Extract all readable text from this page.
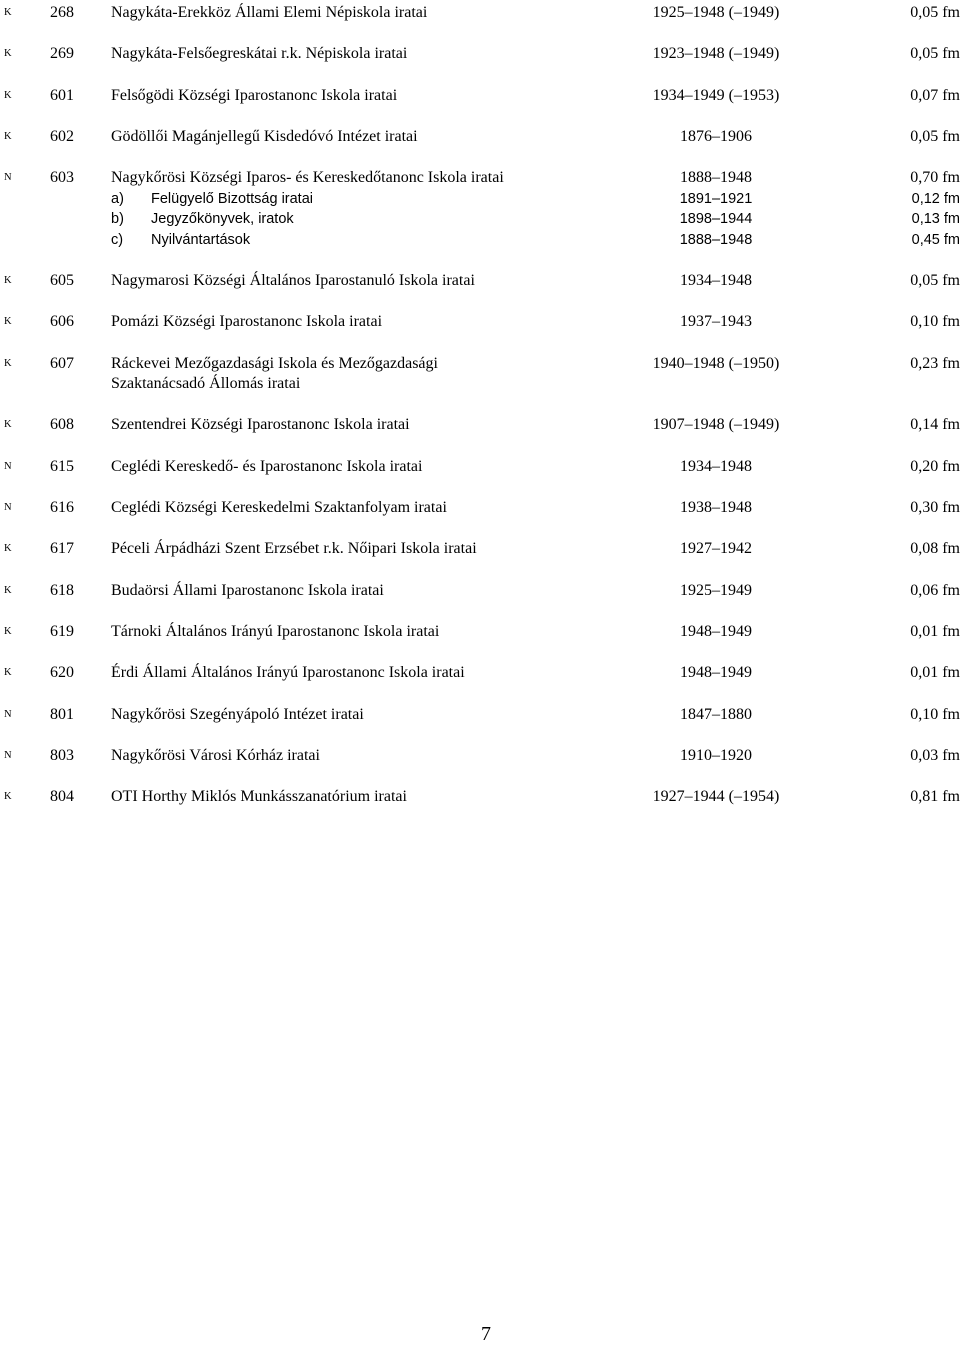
K 268 Nagykáta-Erekköz Állami Elemi Népiskola iratai	1925–1948 (–1949)	0,05 fm
K 269 Nagykáta-Felsőegreskátai r.k. Népiskola iratai	1923–1948 (–1949)	0,05 fm
K 601 Felsőgödi Községi Iparostanonc Iskola iratai	1934–1949 (–1953)	0,07 fm
K 602 Gödöllői Magánjellegű Kisdedóvó Intézet iratai	1876–1906	0,05 fm
N 603 Nagykőrösi Községi Iparos- és Kereskedőtanonc Iskola iratai	1888–1948	0,70 fm
a) Felügyelő Bizottság iratai	1891–1921	0,12 fm
b) Jegyzőkönyvek, iratok	1898–1944	0,13 fm
c) Nyilvántartások	1888–1948	0,45 fm
K 605 Nagymarosi Községi Általános Iparostanuló Iskola iratai	1934–1948	0,05 fm
K 606 Pomázi Községi Iparostanonc Iskola iratai	1937–1943	0,10 fm
K 607 Ráckevei Mezőgazdasági Iskola és Mezőgazdasági	1940–1948 (–1950)	0,23 fm
Szaktanácsadó Állomás iratai
K 608 Szentendrei Községi Iparostanonc Iskola iratai	1907–1948 (–1949)	0,14 fm
N 615 Ceglédi Kereskedő- és Iparostanonc Iskola iratai	1934–1948	0,20 fm
N 616 Ceglédi Községi Kereskedelmi Szaktanfolyam iratai	1938–1948	0,30 fm
K 617 Péceli Árpádházi Szent Erzsébet r.k. Nőipari Iskola iratai	1927–1942	0,08 fm
K 618 Budaörsi Állami Iparostanonc Iskola iratai	1925–1949	0,06 fm
K 619 Tárnoki Általános Irányú Iparostanonc Iskola iratai	1948–1949	0,01 fm
K 620 Érdi Állami Általános Irányú Iparostanonc Iskola iratai	1948–1949	0,01 fm
N 801 Nagykőrösi Szegényápoló Intézet iratai	1847–1880	0,10 fm
N 803 Nagykőrösi Városi Kórház iratai	1910–1920	0,03 fm
K 804 OTI Horthy Miklós Munkásszanatórium iratai	1927–1944 (–1954)	0,81 fm
7
